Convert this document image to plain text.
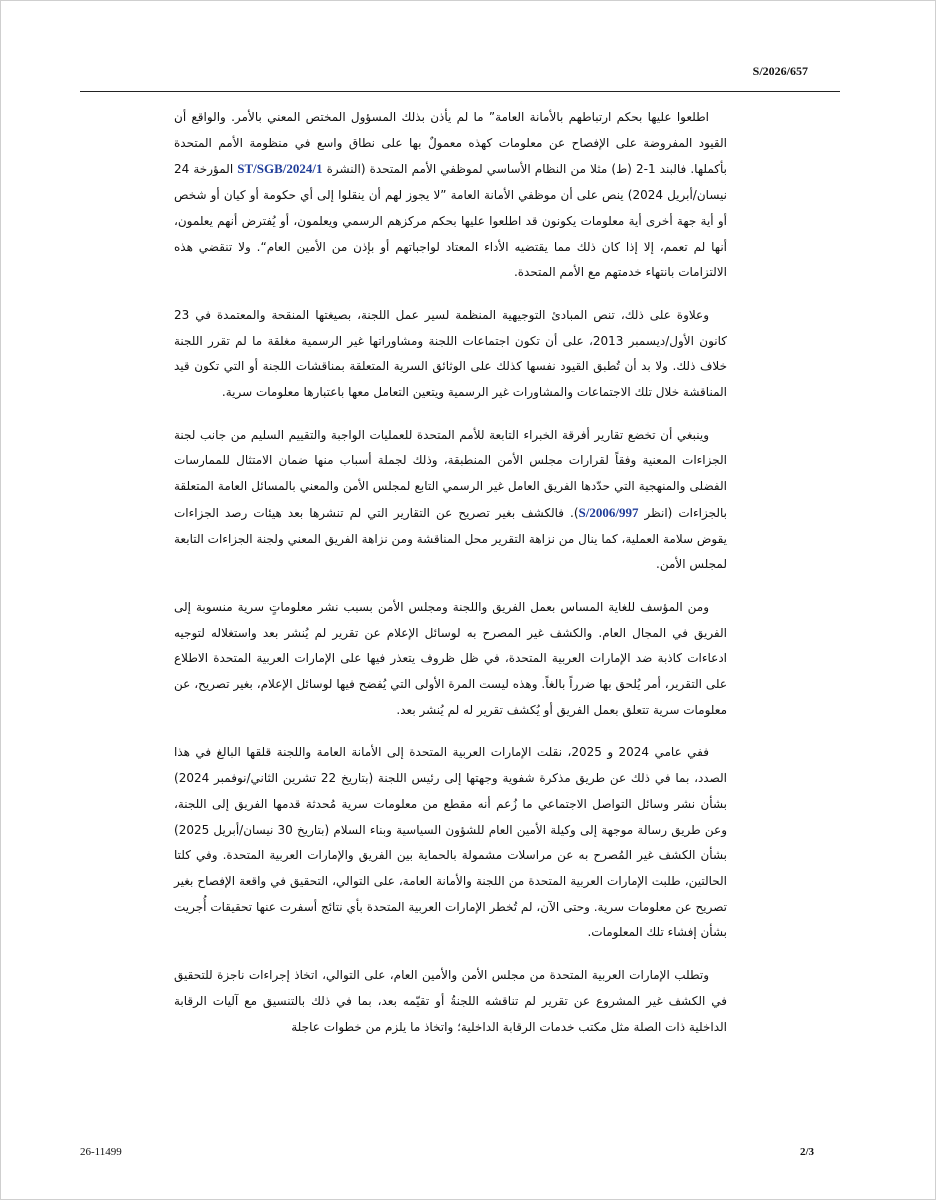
S/2026/657

اطلعوا عليها بحكم ارتباطهم بالأمانة العامة” ما لم يأذن بذلك المسؤول المختص المعني بالأمر. والواقع أن القيود المفروضة على الإفصاح عن معلومات كهذه معمولٌ بها على نطاق واسع في منظومة الأمم المتحدة بأكملها. فالبند 1-2 (ط) مثلا من النظام الأساسي لموظفي الأمم المتحدة (النشرة ST/SGB/2024/1 المؤرخة 24 نيسان/أبريل 2024) ينص على أن موظفي الأمانة العامة ”لا يجوز لهم أن ينقلوا إلى أي حكومة أو كيان أو شخص أو أية جهة أخرى أية معلومات يكونون قد اطلعوا عليها بحكم مركزهم الرسمي ويعلمون، أو يُفترض أنهم يعلمون، أنها لم تعمم، إلا إذا كان ذلك مما يقتضيه الأداء المعتاد لواجباتهم أو بإذن من الأمين العام“. ولا تنقضي هذه الالتزامات بانتهاء خدمتهم مع الأمم المتحدة.

وعلاوة على ذلك، تنص المبادئ التوجيهية المنظمة لسير عمل اللجنة، بصيغتها المنقحة والمعتمدة في 23 كانون الأول/ديسمبر 2013، على أن تكون اجتماعات اللجنة ومشاوراتها غير الرسمية مغلقة ما لم تقرر اللجنة خلاف ذلك. ولا بد أن تُطبق القيود نفسها كذلك على الوثائق السرية المتعلقة بمناقشات اللجنة أو التي تكون قيد المناقشة خلال تلك الاجتماعات والمشاورات غير الرسمية ويتعين التعامل معها باعتبارها معلومات سرية.

وينبغي أن تخضع تقارير أفرقة الخبراء التابعة للأمم المتحدة للعمليات الواجبة والتقييم السليم من جانب لجنة الجزاءات المعنية وفقاً لقرارات مجلس الأمن المنطبقة، وذلك لجملة أسباب منها ضمان الامتثال للممارسات الفضلى والمنهجية التي حدّدها الفريق العامل غير الرسمي التابع لمجلس الأمن والمعني بالمسائل العامة المتعلقة بالجزاءات (انظر S/2006/997). فالكشف بغير تصريح عن التقارير التي لم تنشرها بعد هيئات رصد الجزاءات يقوض سلامة العملية، كما ينال من نزاهة التقرير محل المناقشة ومن نزاهة الفريق المعني ولجنة الجزاءات التابعة لمجلس الأمن.

ومن المؤسف للغاية المساس بعمل الفريق واللجنة ومجلس الأمن بسبب نشر معلوماتٍ سرية منسوبة إلى الفريق في المجال العام. والكشف غير المصرح به لوسائل الإعلام عن تقرير لم يُنشر بعد واستغلاله لتوجيه ادعاءات كاذبة ضد الإمارات العربية المتحدة، في ظل ظروف يتعذر فيها على الإمارات العربية المتحدة الاطلاع على التقرير، أمر يُلحق بها ضرراً بالغاً. وهذه ليست المرة الأولى التي يُفضح فيها لوسائل الإعلام، بغير تصريح، عن معلومات سرية تتعلق بعمل الفريق أو يُكشف تقرير له لم يُنشر بعد.

ففي عامي 2024 و 2025، نقلت الإمارات العربية المتحدة إلى الأمانة العامة واللجنة قلقها البالغ في هذا الصدد، بما في ذلك عن طريق مذكرة شفوية وجهتها إلى رئيس اللجنة (بتاريخ 22 تشرين الثاني/نوفمبر 2024) بشأن نشر وسائل التواصل الاجتماعي ما زُعم أنه مقطع من معلومات سرية مُحدثة قدمها الفريق إلى اللجنة، وعن طريق رسالة موجهة إلى وكيلة الأمين العام للشؤون السياسية وبناء السلام (بتاريخ 30 نيسان/أبريل 2025) بشأن الكشف غير المُصرح به عن مراسلات مشمولة بالحماية بين الفريق والإمارات العربية المتحدة. وفي كلتا الحالتين، طلبت الإمارات العربية المتحدة من اللجنة والأمانة العامة، على التوالي، التحقيق في واقعة الإفصاح بغير تصريح عن معلومات سرية. وحتى الآن، لم تُخطر الإمارات العربية المتحدة بأي نتائج أسفرت عنها تحقيقات أُجريت بشأن إفشاء تلك المعلومات.

وتطلب الإمارات العربية المتحدة من مجلس الأمن والأمين العام، على التوالي، اتخاذ إجراءات ناجزة للتحقيق في الكشف غير المشروع عن تقرير لم تناقشه اللجنةُ أو تقيّمه بعد، بما في ذلك بالتنسيق مع آليات الرقابة الداخلية ذات الصلة مثل مكتب خدمات الرقابة الداخلية؛ واتخاذ ما يلزم من خطوات عاجلة

26-11499	2/3
